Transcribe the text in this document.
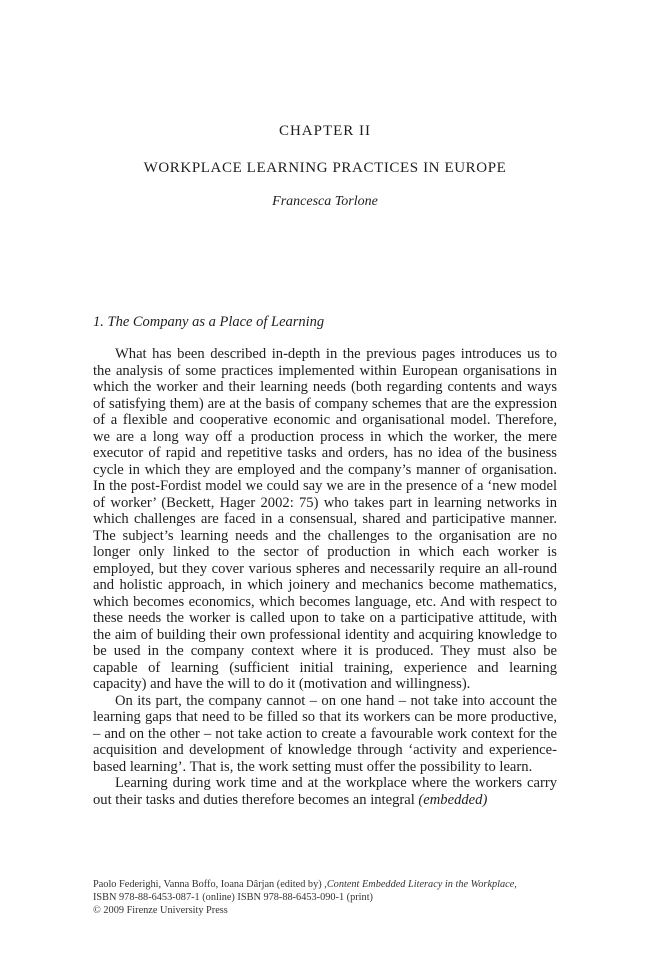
CHAPTER II
WORKPLACE LEARNING PRACTICES IN EUROPE
Francesca Torlone
1. The Company as a Place of Learning

What has been described in-depth in the previous pages introduces us to the analysis of some practices implemented within European organisations in which the worker and their learning needs (both regarding contents and ways of satisfying them) are at the basis of company schemes that are the expression of a flexible and cooperative economic and organisational model. Therefore, we are a long way off a production process in which the worker, the mere executor of rapid and repetitive tasks and orders, has no idea of the business cycle in which they are employed and the company’s manner of organisation. In the post-Fordist model we could say we are in the presence of a ‘new model of worker’ (Beckett, Hager 2002: 75) who takes part in learning networks in which challenges are faced in a consensual, shared and participative manner. The subject’s learning needs and the challenges to the organisation are no longer only linked to the sector of production in which each worker is employed, but they cover various spheres and necessarily require an all-round and holistic approach, in which joinery and mechanics become mathematics, which becomes economics, which becomes language, etc. And with respect to these needs the worker is called upon to take on a participative attitude, with the aim of building their own professional identity and acquiring knowledge to be used in the company context where it is produced. They must also be capable of learning (sufficient initial training, experience and learning capacity) and have the will to do it (motivation and willingness).

On its part, the company cannot – on one hand – not take into account the learning gaps that need to be filled so that its workers can be more productive, – and on the other – not take action to create a favourable work context for the acquisition and development of knowledge through ‘activity and experience-based learning’. That is, the work setting must offer the possibility to learn.

Learning during work time and at the workplace where the workers carry out their tasks and duties therefore becomes an integral (embedded)

Paolo Federighi, Vanna Boffo, Ioana Dârjan (edited by) ,Content Embedded Literacy in the Workplace,
ISBN 978-88-6453-087-1 (online) ISBN 978-88-6453-090-1 (print)
© 2009 Firenze University Press
